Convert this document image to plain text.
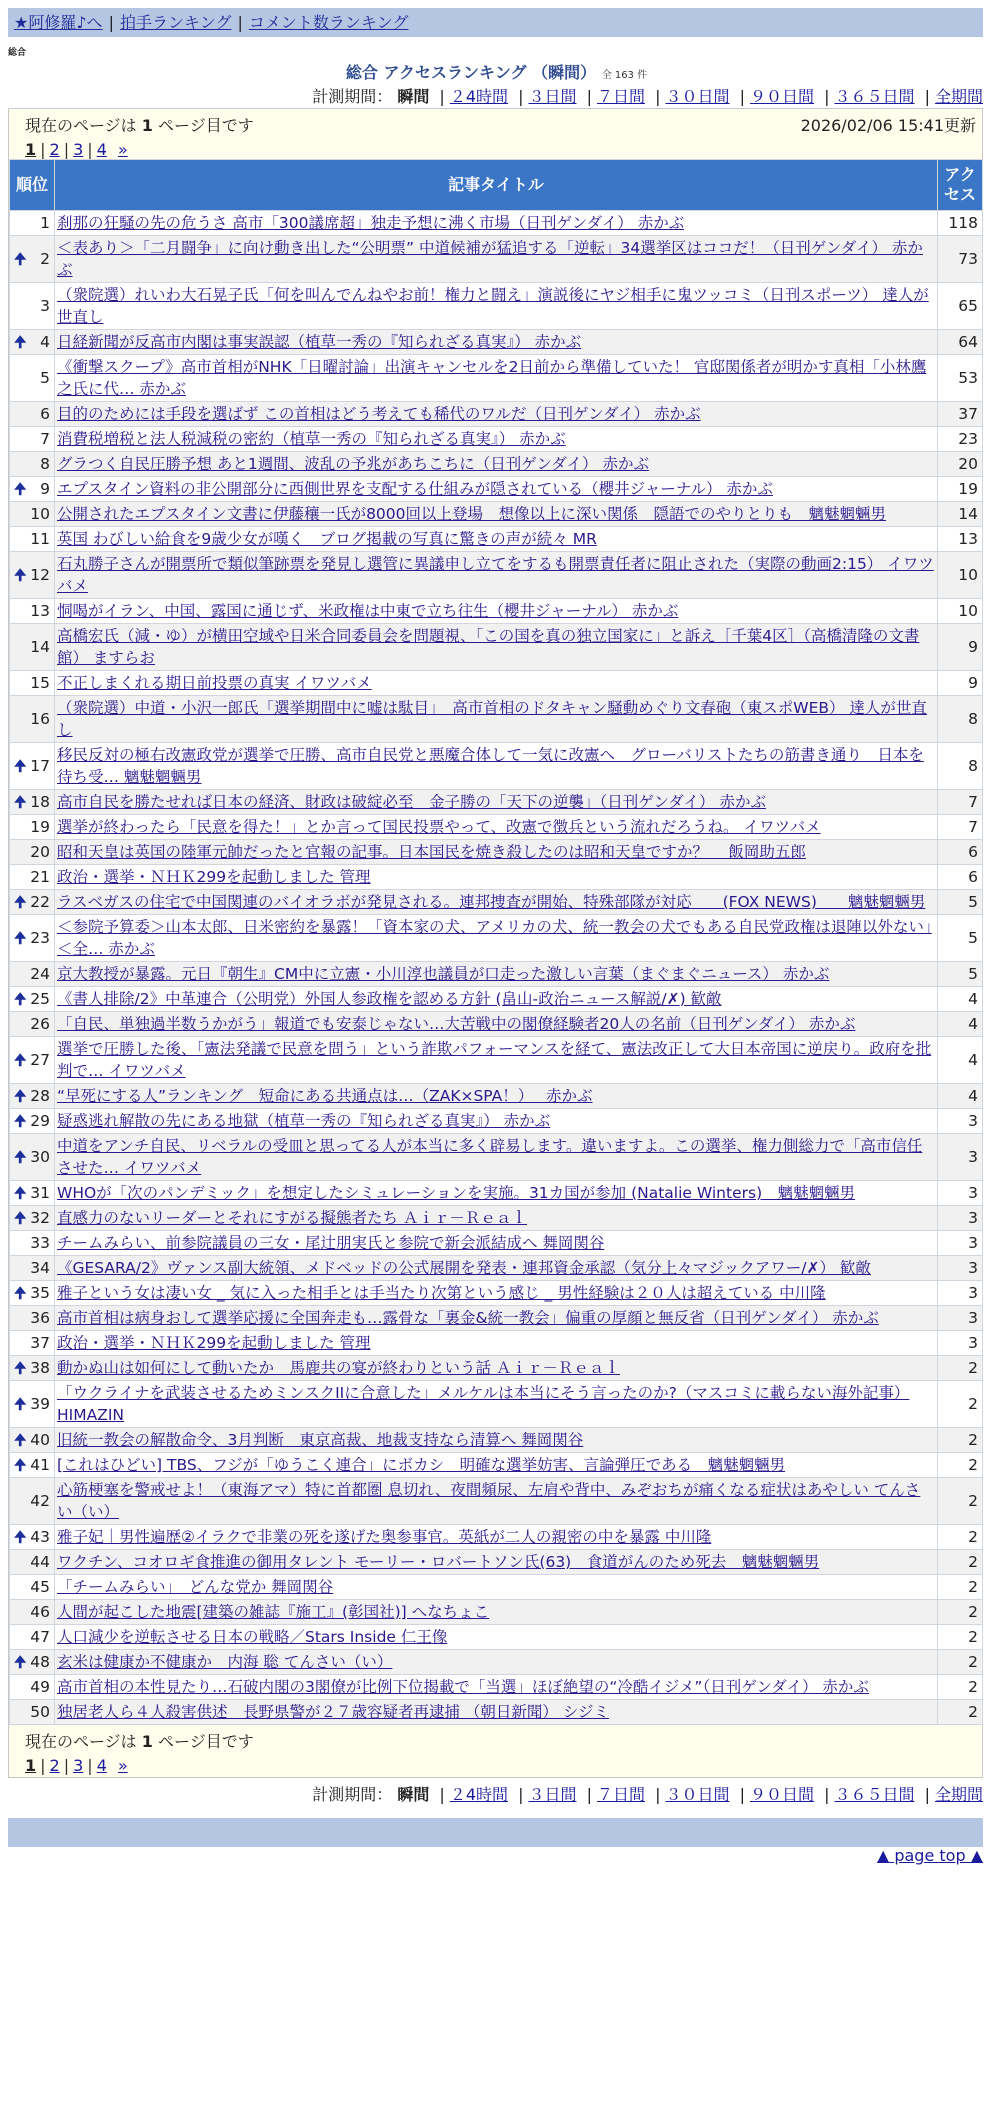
★阿修羅♪へ | 拍手ランキング | コメント数ランキング
総合
総合 アクセスランキング （瞬間） 全 163 件
計測期間： 瞬間 | ２4時間 | ３日間 | ７日間 | ３０日間 | ９０日間 | ３６５日間 | 全期間
現在のページは 1 ページ目です	2026/02/06 15:41更新
1 | 2 | 3 | 4 »
順位	記事タイトル	アクセス
1	刹那の狂騒の先の危うさ 高市「300議席超」独走予想に沸く市場（日刊ゲンダイ） 赤かぶ	118

🠉 2	＜表あり＞「二月闘争」に向け動き出した“公明票” 中道候補が猛追する「逆転」34選挙区はココだ！（日刊ゲンダイ） 赤かぶ	73
3	（衆院選）れいわ大石晃子氏「何を叫んでんねやお前！権力と闘え」演説後にヤジ相手に鬼ツッコミ（日刊スポーツ） 達人が世直し	65

🠉 4	日経新聞が反高市内閣は事実誤認（植草一秀の『知られざる真実』） 赤かぶ	64
5	《衝撃スクープ》高市首相がNHK「日曜討論」出演キャンセルを2日前から準備していた！ 官邸関係者が明かす真相「小林鷹之氏に代… 赤かぶ	53
6	目的のためには手段を選ばず この首相はどう考えても稀代のワルだ（日刊ゲンダイ） 赤かぶ	37
7	消費税増税と法人税減税の密約（植草一秀の『知られざる真実』） 赤かぶ	23
8	グラつく自民圧勝予想 あと1週間、波乱の予兆があちこちに（日刊ゲンダイ） 赤かぶ	20

🠉 9	エプスタイン資料の非公開部分に西側世界を支配する仕組みが隠されている（櫻井ジャーナル） 赤かぶ	19
10	公開されたエプスタイン文書に伊藤穰一氏が8000回以上登場　想像以上に深い関係　隠語でのやりとりも　魑魅魍魎男	14
11	英国 わびしい給食を9歳少女が嘆く　ブログ掲載の写真に驚きの声が続々 MR	13

🠉 12	石丸勝子さんが開票所で類似筆跡票を発見し選管に異議申し立てをするも開票責任者に阻止された（実際の動画2:15） イワツバメ	10
13	恫喝がイラン、中国、露国に通じず、米政権は中東で立ち往生（櫻井ジャーナル） 赤かぶ	10
14	高橋宏氏（減・ゆ）が横田空域や日米合同委員会を問題視、「この国を真の独立国家に」と訴え［千葉4区］（高橋清隆の文書館） ますらお	9
15	不正しまくれる期日前投票の真実 イワツバメ	9
16	（衆院選）中道・小沢一郎氏「選挙期間中に嘘は駄目」　高市首相のドタキャン騒動めぐり文春砲（東スポWEB） 達人が世直し	8

🠉 17	移民反対の極右改憲政党が選挙で圧勝、高市自民党と悪魔合体して一気に改憲へ　グローバリストたちの筋書き通り　日本を待ち受… 魑魅魍魎男	8

🠉 18	高市自民を勝たせれば日本の経済、財政は破綻必至　金子勝の「天下の逆襲」（日刊ゲンダイ） 赤かぶ	7
19	選挙が終わったら「民意を得た！」とか言って国民投票やって、改憲で徴兵という流れだろうね。 イワツバメ	7
20	昭和天皇は英国の陸軍元帥だったと官報の記事。日本国民を焼き殺したのは昭和天皇ですか？　 飯岡助五郎	6
21	政治・選挙・ＮＨＫ299を起動しました 管理	6

🠉 22	ラスベガスの住宅で中国関連のバイオラボが発見される。連邦捜査が開始、特殊部隊が対応　　(FOX NEWS)　　魑魅魍魎男	5

🠉 23	＜参院予算委＞山本太郎、日米密約を暴露！「資本家の犬、アメリカの犬、統一教会の犬でもある自民党政権は退陣以外ない」＜全… 赤かぶ	5
24	京大教授が暴露。元日『朝生』CM中に立憲・小川淳也議員が口走った激しい言葉（まぐまぐニュース） 赤かぶ	5

🠉 25	《書人排除/2》中革連合（公明党）外国人参政権を認める方針 (畠山-政治ニュース解説/✗) 歓敵	4
26	「自民、単独過半数うかがう」報道でも安泰じゃない…大苦戦中の閣僚経験者20人の名前（日刊ゲンダイ） 赤かぶ	4

🠉 27	選挙で圧勝した後、「憲法発議で民意を問う」という詐欺パフォーマンスを経て、憲法改正して大日本帝国に逆戻り。政府を批判で… イワツバメ	4

🠉 28	“早死にする人”ランキング　短命にある共通点は…（ZAK×SPA！）　 赤かぶ	4

🠉 29	疑惑逃れ解散の先にある地獄（植草一秀の『知られざる真実』） 赤かぶ	3

🠉 30	中道をアンチ自民、リベラルの受皿と思ってる人が本当に多く辟易します。違いますよ。この選挙、権力側総力で「高市信任させた… イワツバメ	3

🠉 31	WHOが「次のパンデミック」を想定したシミュレーションを実施。31カ国が参加 (Natalie Winters)　魑魅魍魎男	3

🠉 32	直感力のないリーダーとそれにすがる擬態者たち Ａｉｒ－Ｒｅａｌ	3
33	チームみらい、前参院議員の三女・尾辻朋実氏と参院で新会派結成へ 舞岡関谷	3
34	《GESARA/2》ヴァンス副大統領、メドベッドの公式展開を発表・連邦資金承認（気分上々マジックアワー/✗） 歓敵	3

🠉 35	雅子という女は凄い女 _ 気に入った相手とは手当たり次第という感じ _ 男性経験は２０人は超えている 中川隆	3
36	高市首相は病身おして選挙応援に全国奔走も…露骨な「裏金&統一教会」偏重の厚顔と無反省（日刊ゲンダイ） 赤かぶ	3
37	政治・選挙・ＮＨＫ299を起動しました 管理	3

🠉 38	動かぬ山は如何にして動いたか　馬鹿共の宴が終わりという話 Ａｉｒ－Ｒｅａｌ	2

🠉 39	「ウクライナを武装させるためミンスクIIに合意した」メルケルは本当にそう言ったのか?（マスコミに載らない海外記事） HIMAZIN	2

🠉 40	旧統一教会の解散命令、3月判断　東京高裁、地裁支持なら清算へ 舞岡関谷	2

🠉 41	[これはひどい] TBS、フジが「ゆうこく連合」にボカシ　明確な選挙妨害、言論弾圧である　魑魅魍魎男	2
42	心筋梗塞を警戒せよ！（東海アマ）特に首都圏 息切れ、夜間頻尿、左肩や背中、みぞおちが痛くなる症状はあやしい てんさい（い）	2

🠉 43	雅子妃｜男性遍歴②イラクで非業の死を遂げた奥参事官。英紙が二人の親密の中を暴露 中川隆	2
44	ワクチン、コオロギ食推進の御用タレント モーリー・ロバートソン氏(63)　食道がんのため死去　魑魅魍魎男	2
45	「チームみらい」　どんな党か 舞岡関谷	2
46	人間が起こした地震[建築の雑誌『施工』(彰国社)] へなちょこ	2
47	人口減少を逆転させる日本の戦略／Stars Inside 仁王像	2

🠉 48	玄米は健康か不健康か　内海 聡 てんさい（い）	2
49	高市首相の本性見たり…石破内閣の3閣僚が比例下位揭載で「当選」ほぼ絶望の“冷酷イジメ”（日刊ゲンダイ） 赤かぶ	2
50	独居老人ら４人殺害供述　長野県警が２７歳容疑者再逮捕 （朝日新聞） シジミ	2
現在のページは 1 ページ目です
1 | 2 | 3 | 4 »
計測期間： 瞬間 | ２4時間 | ３日間 | ７日間 | ３０日間 | ９０日間 | ３６５日間 | 全期間
▲ page top ▲
